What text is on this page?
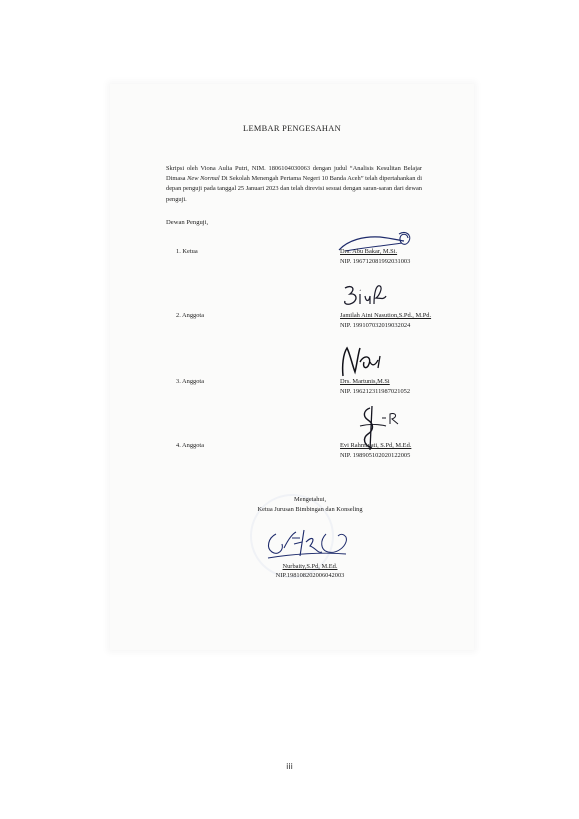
LEMBAR PENGESAHAN

Skripsi oleh Viona Aulia Putri, NIM. 1806104030063 dengan judul “Analisis Kesulitan Belajar Dimasa New Normal Di Sekolah Menengah Pertama Negeri 10 Banda Aceh” telah dipertahankan di depan penguji pada tanggal 25 Januari 2023 dan telah direvisi sesuai dengan saran-saran dari dewan penguji.

Dewan Penguji,
1. Ketua	Drs. Abu Bakar, M.Si.
NIP. 196712081992031003
2. Anggota	Jamilah Aini Nasution,S.Pd., M.Pd.
NIP. 199107032019032024
3. Anggota	Drs. Martunis,M.Si
NIP. 196212311987021052
4. Anggota	Evi Rahmiyati, S.Pd, M.Ed.
NIP. 198905102020122005
Mengetahui,
Ketua Jurusan Bimbingan dan Konseling
Nurbaity,S.Pd, M.Ed.
NIP.198108202006042003
iii
